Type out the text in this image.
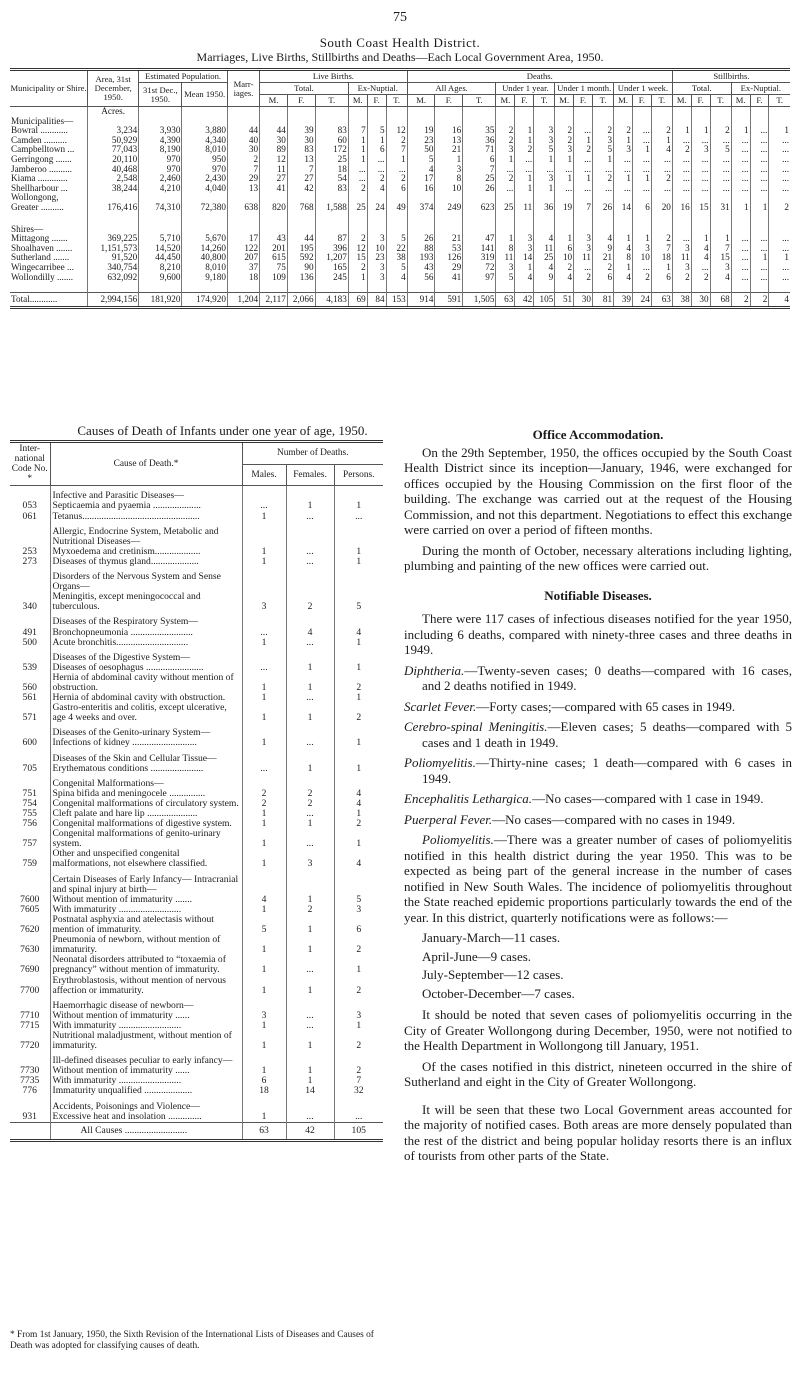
75
South Coast Health District.
Marriages, Live Births, Stillbirths and Deaths—Each Local Government Area, 1950.
Municipality or Shire.	Area, 31st December, 1950.	Estimated Population.		Marr-iages.	Live Births.						Deaths.												Stillbirths.					
		31st Dec., 1950.	Mean 1950.		Total.			Ex-Nuptial.			All Ages.			Under 1 year.			Under 1 month.			Under 1 week.			Total.			Ex-Nuptial.		
					M.	F.	T.	M.	F.	T.	M.	F.	T.	M.	F.	T.	M.	F.	T.	M.	F.	T.	M.	F.	T.	M.	F.	T.
	Acres.																											
Municipalities—																												
Bowral ............	3,234	3,930	3,880	44	44	39	83	7	5	12	19	16	35	2	1	3	2	...	2	2	...	2	1	1	2	1	...	1
Camden ..........	50,929	4,390	4,340	40	30	30	60	1	1	2	23	13	36	2	1	3	2	1	3	1	...	1	...	...	...	...	...	...
Campbelltown ...	77,043	8,190	8,010	30	89	83	172	1	6	7	50	21	71	3	2	5	3	2	5	3	1	4	2	3	5	...	...	...
Gerringong .......	20,110	970	950	2	12	13	25	1	...	1	5	1	6	1	...	1	1	...	1	...	...	...	...	...	...	...	...	...
Jamberoo ..........	40,468	970	970	7	11	7	18	...	...	...	4	3	7	...	...	...	...	...	...	...	...	...	...	...	...	...	...	...
Kiama .............	2,548	2,460	2,430	29	27	27	54	...	2	2	17	8	25	2	1	3	1	1	2	1	1	2	...	...	...	...	...	...
Shellharbour ...	38,244	4,210	4,040	13	41	42	83	2	4	6	16	10	26	...	1	1	...	...	...	...	...	...	...	...	...	...	...	...
Wollongong, Greater ..........	176,416	74,310	72,380	638	820	768	1,588	25	24	49	374	249	623	25	11	36	19	7	26	14	6	20	16	15	31	1	1	2
Shires—																												
Mittagong .......	369,225	5,710	5,670	17	43	44	87	2	3	5	26	21	47	1	3	4	1	3	4	1	1	2	...	1	1	...	...	...
Shoalhaven .......	1,151,573	14,520	14,260	122	201	195	396	12	10	22	88	53	141	8	3	11	6	3	9	4	3	7	3	4	7	...	...	...
Sutherland .......	91,520	44,450	40,800	207	615	592	1,207	15	23	38	193	126	319	11	14	25	10	11	21	8	10	18	11	4	15	...	1	1
Wingecarribee ...	340,754	8,210	8,010	37	75	90	165	2	3	5	43	29	72	3	1	4	2	...	2	1	...	1	3	...	3	...	...	...
Wollondilly .......	632,092	9,600	9,180	18	109	136	245	1	3	4	56	41	97	5	4	9	4	2	6	4	2	6	2	2	4	...	...	...

Total............	2,994,156	181,920	174,920	1,204	2,117	2,066	4,183	69	84	153	914	591	1,505	63	42	105	51	30	81	39	24	63	38	30	68	2	2	4
Causes of Death of Infants under one year of age, 1950.
Inter-national Code No. *	Cause of Death.*	Number of Deaths.		
		Males.	Females.	Persons.
	Infective and Parasitic Diseases—			
053	Septicaemia and pyaemia ....................	...	1	1
061	Tetanus.................................................	1	...	...
	Allergic, Endocrine System, Metabolic and Nutritional Diseases—			
253	Myxoedema and cretinism...................	1	...	1
273	Diseases of thymus gland....................	1	...	1
	Disorders of the Nervous System and Sense Organs—			
340	Meningitis, except meningococcal and tuberculous.	3	2	5
	Diseases of the Respiratory System—			
491	Bronchopneumonia ..........................	...	4	4
500	Acute bronchitis..............................	1	...	1
	Diseases of the Digestive System—			
539	Diseases of oesophagus ........................	...	1	1
560	Hernia of abdominal cavity without mention of obstruction.	1	1	2
561	Hernia of abdominal cavity with obstruction.	1	...	1
571	Gastro-enteritis and colitis, except ulcerative, age 4 weeks and over.	1	1	2
	Diseases of the Genito-urinary System—			
600	Infections of kidney ...........................	1	...	1
	Diseases of the Skin and Cellular Tissue—			
705	Erythematous conditions ......................	...	1	1
	Congenital Malformations—			
751	Spina bifida and meningocele ...............	2	2	4
754	Congenital malformations of circulatory system.	2	2	4
755	Cleft palate and hare lip .....................	1	...	1
756	Congenital malformations of digestive system.	1	1	2
757	Congenital malformations of genito-urinary system.	1	...	1
759	Other and unspecified congenital malformations, not elsewhere classified.	1	3	4
	Certain Diseases of Early Infancy— Intracranial and spinal injury at birth—			
7600	Without mention of immaturity .......	4	1	5
7605	With immaturity ..........................	1	2	3
7620	Postnatal asphyxia and atelectasis without mention of immaturity.	5	1	6
7630	Pneumonia of newborn, without mention of immaturity.	1	1	2
7690	Neonatal disorders attributed to “toxaemia of pregnancy” without mention of immaturity.	1	...	1
7700	Erythroblastosis, without mention of nervous affection or immaturity.	1	1	2
	Haemorrhagic disease of newborn—			
7710	Without mention of immaturity ......	3	...	3
7715	With immaturity ..........................	1	...	1
7720	Nutritional maladjustment, without mention of immaturity.	1	1	2
	Ill-defined diseases peculiar to early infancy—			
7730	Without mention of immaturity ......	1	1	2
7735	With immaturity ..........................	6	1	7
776	Immaturity unqualified ....................	18	14	32
	Accidents, Poisonings and Violence—			
931	Excessive heat and insolation ..............	1	...	...
	All Causes ..........................	63	42	105
* From 1st January, 1950, the Sixth Revision of the International Lists of Diseases and Causes of Death was adopted for classifying causes of death.
Office Accommodation.

On the 29th September, 1950, the offices occupied by the South Coast Health District since its inception—January, 1946, were exchanged for offices occupied by the Housing Commission on the first floor of the building. The exchange was carried out at the request of the Housing Commission, and not this department. Negotiations to effect this exchange were carried on over a period of fifteen months.

During the month of October, necessary alterations including lighting, plumbing and painting of the new offices were carried out.

Notifiable Diseases.

There were 117 cases of infectious diseases notified for the year 1950, including 6 deaths, compared with ninety-three cases and three deaths in 1949.

Diphtheria.—Twenty-seven cases; 0 deaths—compared with 16 cases, and 2 deaths notified in 1949.
Scarlet Fever.—Forty cases;—compared with 65 cases in 1949.
Cerebro-spinal Meningitis.—Eleven cases; 5 deaths—compared with 5 cases and 1 death in 1949.
Poliomyelitis.—Thirty-nine cases; 1 death—compared with 6 cases in 1949.
Encephalitis Lethargica.—No cases—compared with 1 case in 1949.
Puerperal Fever.—No cases—compared with no cases in 1949.
Poliomyelitis.—There was a greater number of cases of poliomyelitis notified in this health district during the year 1950. This was to be expected as being part of the general increase in the number of cases notified in New South Wales. The incidence of poliomyelitis throughout the State reached epidemic proportions particularly towards the end of the year. In this district, quarterly notifications were as follows:—

January-March—11 cases.

April-June—9 cases.

July-September—12 cases.

October-December—7 cases.

It should be noted that seven cases of poliomyelitis occurring in the City of Greater Wollongong during December, 1950, were not notified to the Health Department in Wollongong till January, 1951.

Of the cases notified in this district, nineteen occurred in the shire of Sutherland and eight in the City of Greater Wollongong.

It will be seen that these two Local Government areas accounted for the majority of notified cases. Both areas are more densely populated than the rest of the district and being popular holiday resorts there is an influx of tourists from other parts of the State.
